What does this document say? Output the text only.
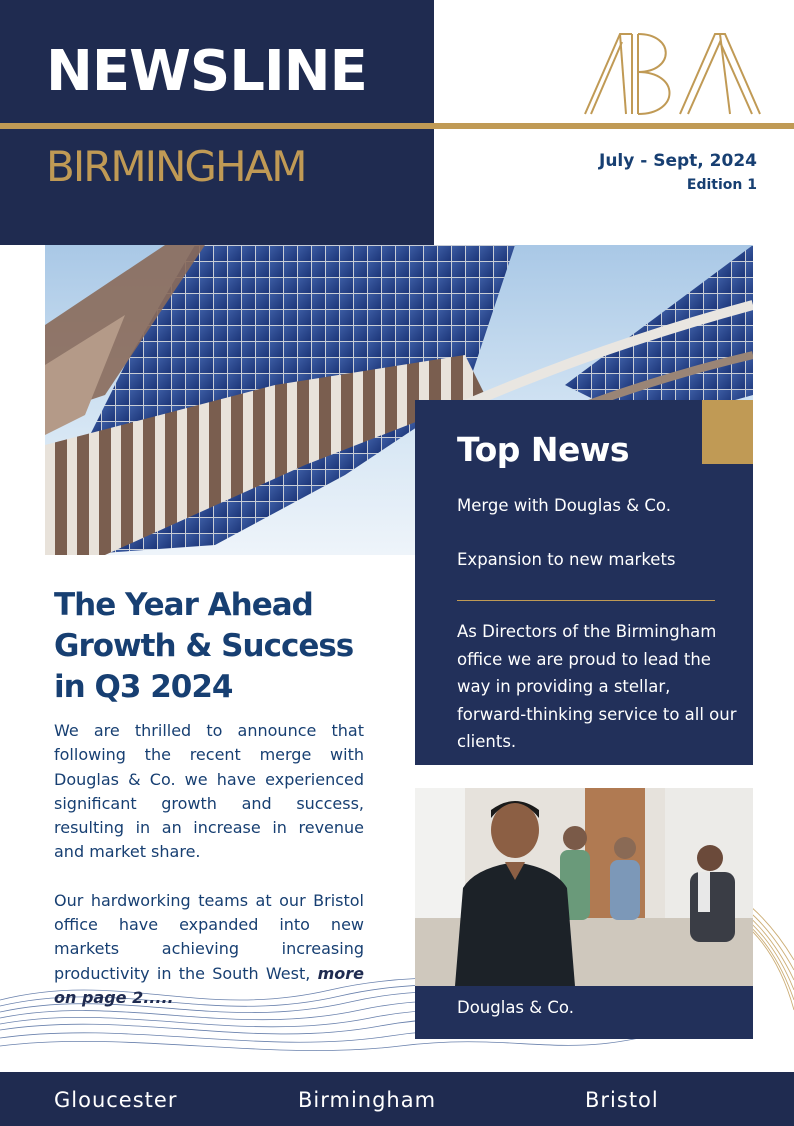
NEWSLINE
BIRMINGHAM	July - Sept, 2024
Edition 1
Top News
Merge with Douglas & Co.
Expansion to new markets
As Directors of the Birmingham office we are proud to lead the way in providing a stellar, forward-thinking service to all our clients.
The Year Ahead
Growth & Success
in Q3 2024

We are thrilled to announce that following the recent merge with Douglas & Co. we have experienced significant growth and success, resulting in an increase in revenue and market share.

Our hardworking teams at our Bristol office have expanded into new markets achieving increasing productivity in the South West, more on page 2.....
Douglas & Co.
Gloucester	Birmingham	Bristol
